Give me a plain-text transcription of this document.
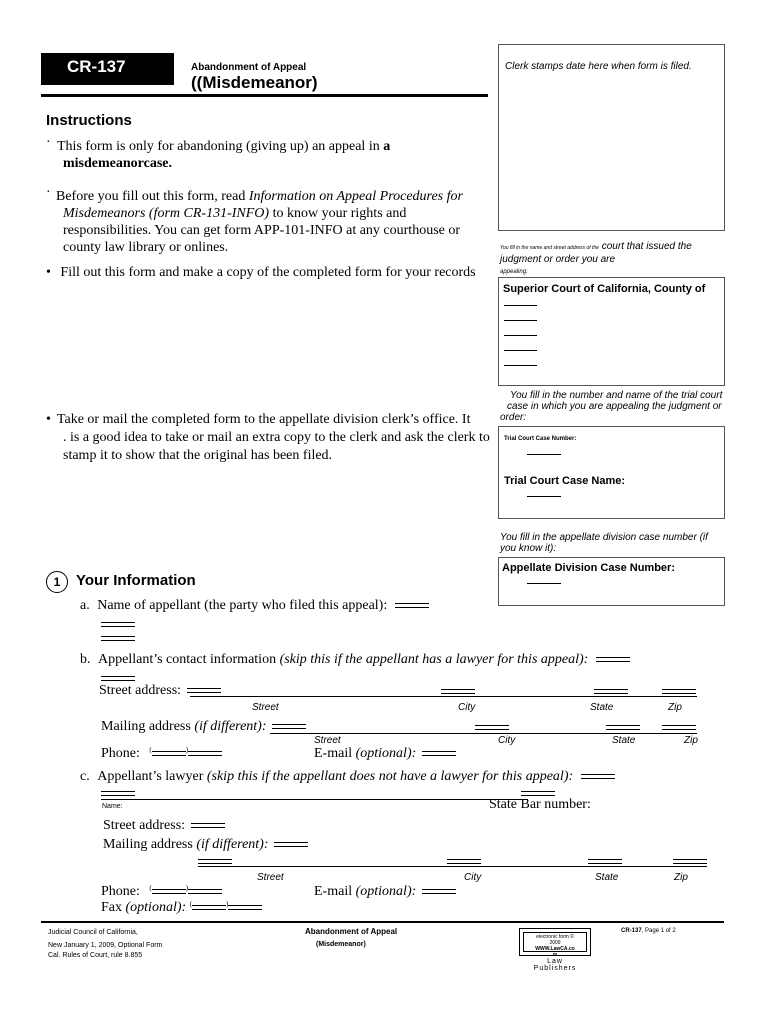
CR-137	Abandonment of Appeal
((Misdemeanor)
Clerk stamps date here when form is filed.
Instructions
· This form is only for abandoning (giving up) an appeal in a
misdemeanorcase.
· Before you fill out this form, read Information on Appeal Procedures for
Misdemeanors (form CR-131-INFO) to know your rights and
responsibilities. You can get form APP-101-INFO at any courthouse or
county law library or onlines.
• Fill out this form and make a copy of the completed form for your records
• Take or mail the completed form to the appellate division clerk’s office. It
. is a good idea to take or mail an extra copy to the clerk and ask the clerk to
stamp it to show that the original has been filed.
You fill in the name and street address of the court that issued the
judgment or order you are
appealing:
Superior Court of California, County of
You fill in the number and name of the trial court
case in which you are appealing the judgment or
order:
Trial Court Case Number:
Trial Court Case Name:
You fill in the appellate division case number (if
you know it):
Appellate Division Case Number:
1	Your Information
a. Name of appellant (the party who filed this appeal):
b. Appellant’s contact information (skip this if the appellant has a lawyer for this appeal):
Street address:
Street	City	State	Zip
Mailing address (if different):
Street	City	State	Zip
Phone: (	)	E-mail (optional):
c. Appellant’s lawyer (skip this if the appellant does not have a lawyer for this appeal):
Name:	State Bar number:
Street address:
Mailing address (if different):
Street	City	State	Zip
Phone: (	)	E-mail (optional):
Fax (optional): (	)
Judicial Council of California,
New January 1, 2009, Optional Form
Cal. Rules of Court, rule 8.855
Abandonment of Appeal
(Misdemeanor)
electronic form ©
2009
WWW.LawCA.co
m
Law
Publishers
CR-137, Page 1 of 2
